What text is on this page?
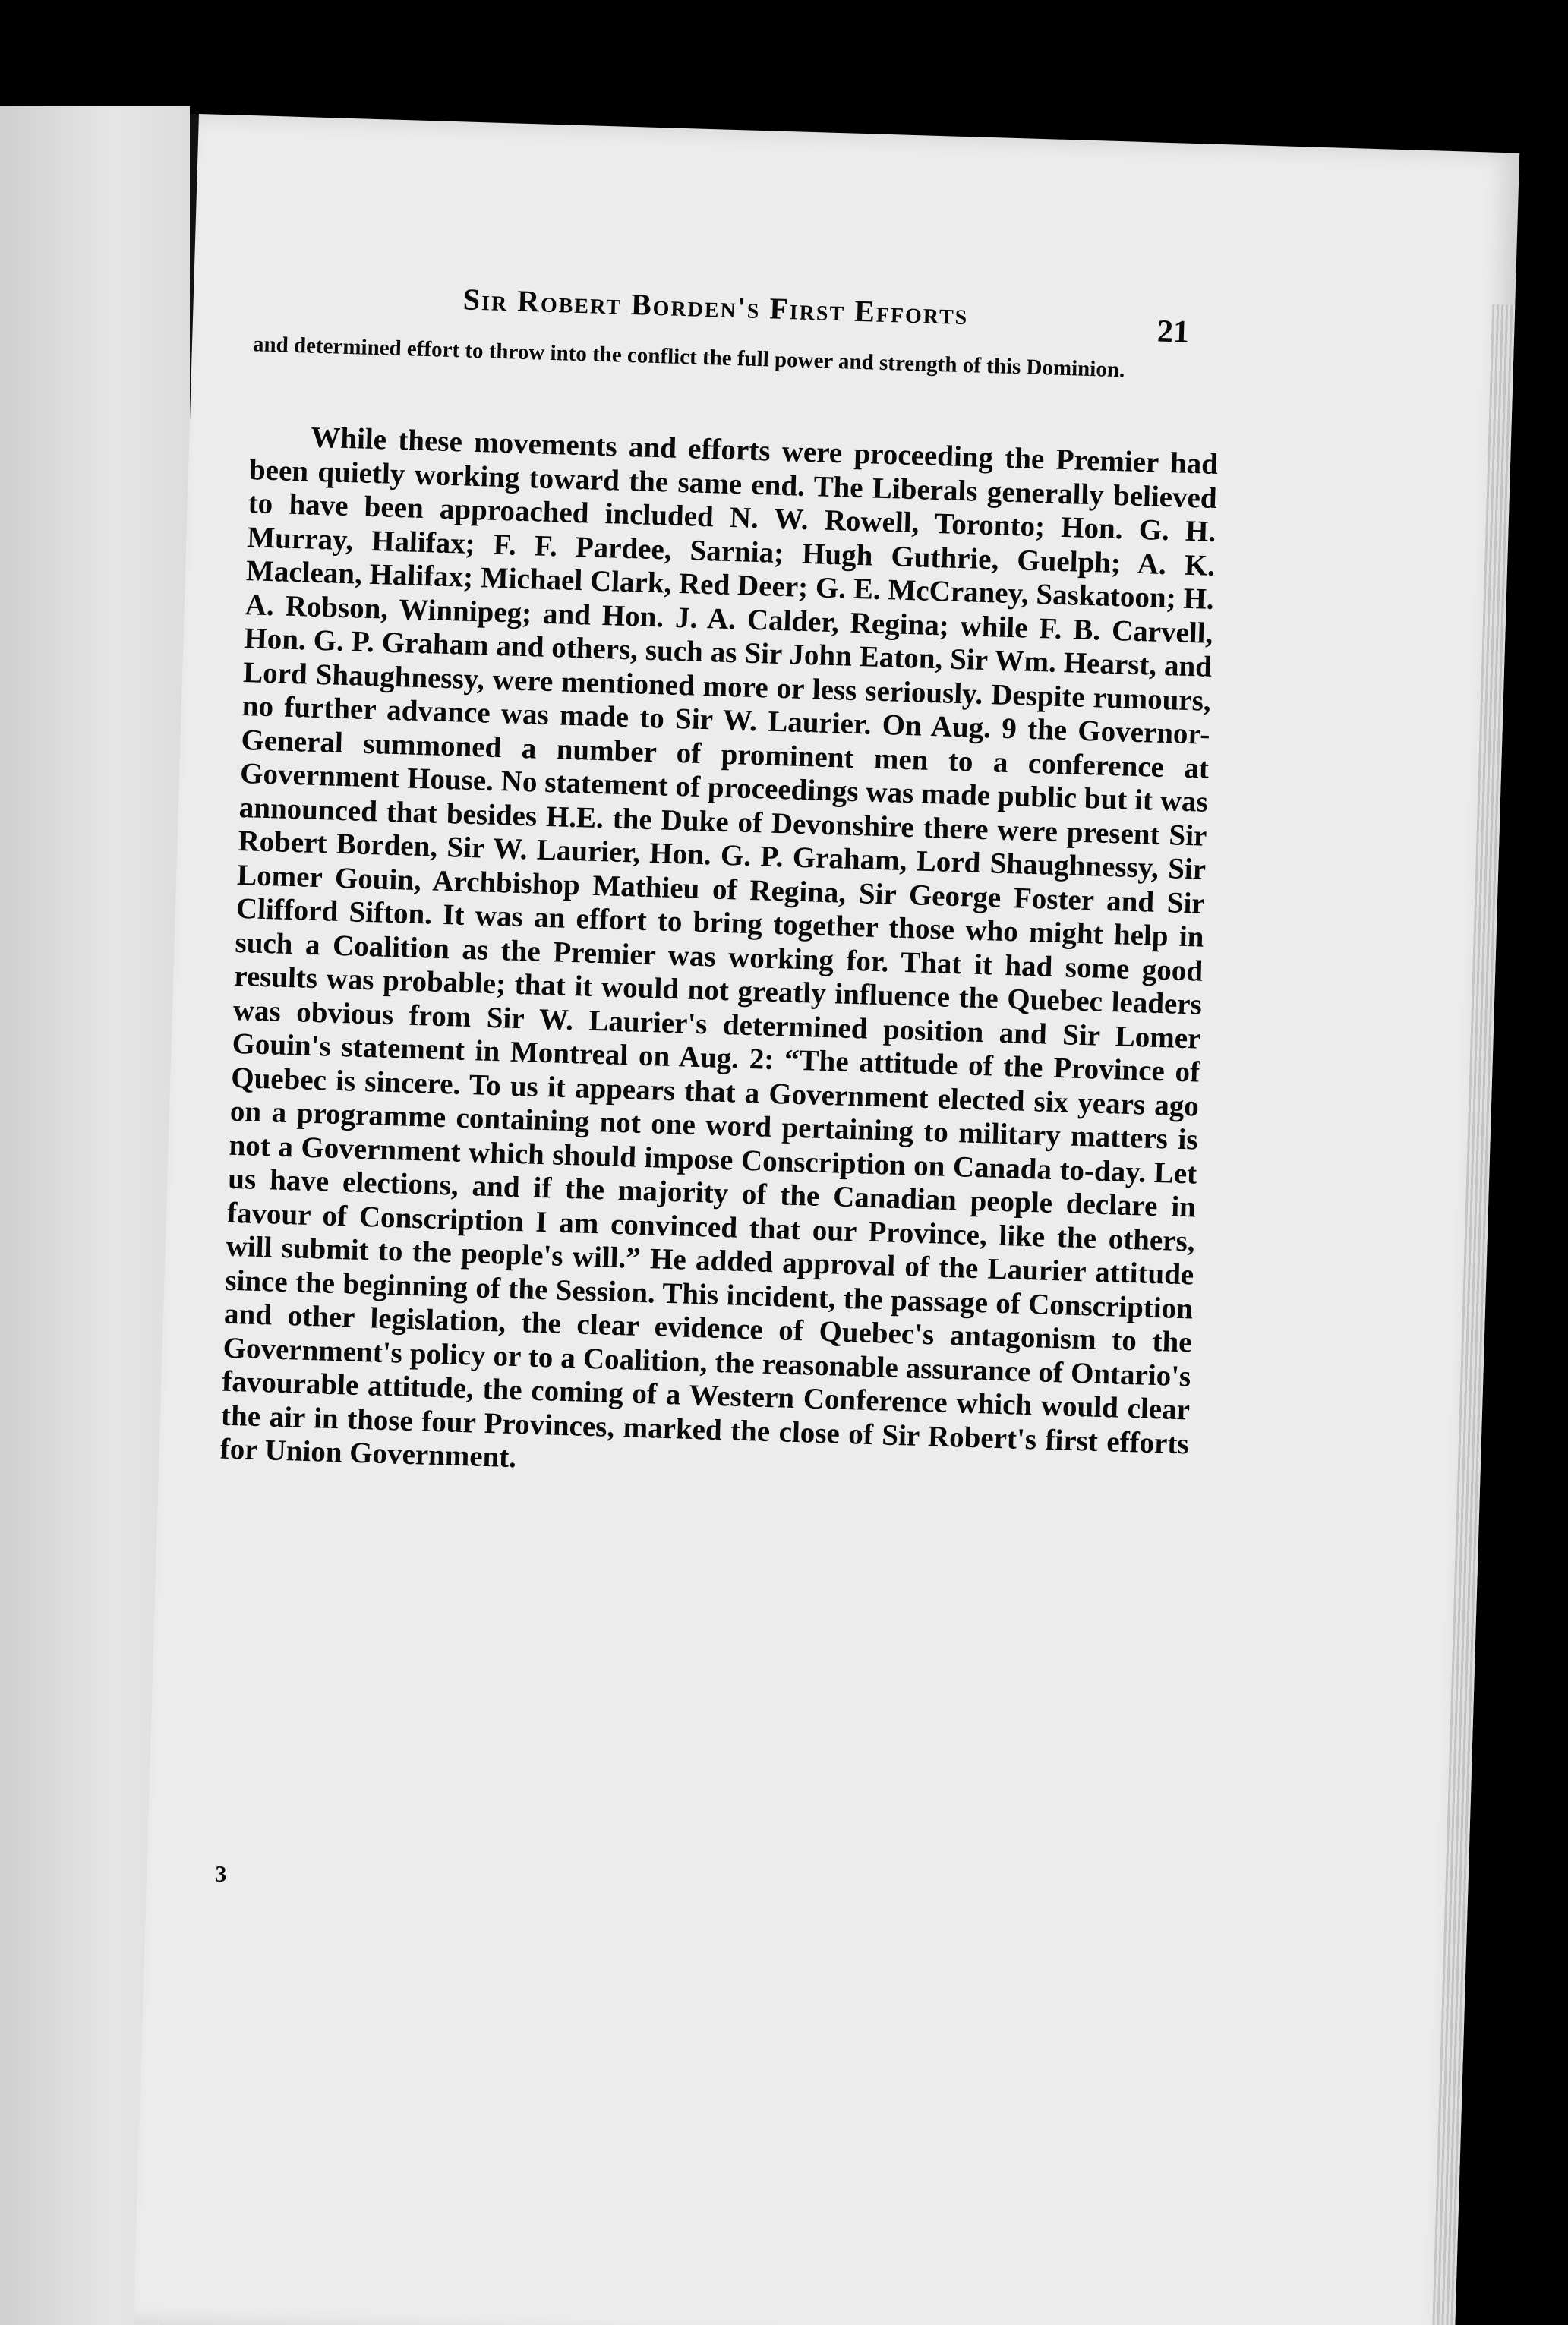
Sir Robert Borden's First Efforts
21

and determined effort to throw into the conflict the full power and strength of this Dominion.

While these movements and efforts were proceeding the Premier had been quietly working toward the same end. The Liberals generally believed to have been approached included N. W. Rowell, Toronto; Hon. G. H. Murray, Halifax; F. F. Pardee, Sarnia; Hugh Guthrie, Guelph; A. K. Maclean, Halifax; Michael Clark, Red Deer; G. E. McCraney, Saskatoon; H. A. Robson, Winnipeg; and Hon. J. A. Calder, Regina; while F. B. Carvell, Hon. G. P. Graham and others, such as Sir John Eaton, Sir Wm. Hearst, and Lord Shaughnessy, were mentioned more or less seriously. Despite rumours, no further advance was made to Sir W. Laurier. On Aug. 9 the Governor-General summoned a number of prominent men to a conference at Government House. No statement of proceedings was made public but it was announced that besides H.E. the Duke of Devonshire there were present Sir Robert Borden, Sir W. Laurier, Hon. G. P. Graham, Lord Shaughnessy, Sir Lomer Gouin, Archbishop Mathieu of Regina, Sir George Foster and Sir Clifford Sifton. It was an effort to bring together those who might help in such a Coalition as the Premier was working for. That it had some good results was probable; that it would not greatly influence the Quebec leaders was obvious from Sir W. Laurier's determined position and Sir Lomer Gouin's statement in Montreal on Aug. 2: “The attitude of the Province of Quebec is sincere. To us it appears that a Government elected six years ago on a programme containing not one word pertaining to military matters is not a Government which should impose Conscription on Canada to-day. Let us have elections, and if the majority of the Canadian people declare in favour of Conscription I am convinced that our Province, like the others, will submit to the people's will.” He added approval of the Laurier attitude since the beginning of the Session. This incident, the passage of Conscription and other legislation, the clear evidence of Quebec's antagonism to the Government's policy or to a Coalition, the reasonable assurance of Ontario's favourable attitude, the coming of a Western Conference which would clear the air in those four Provinces, marked the close of Sir Robert's first efforts for Union Government.

3
